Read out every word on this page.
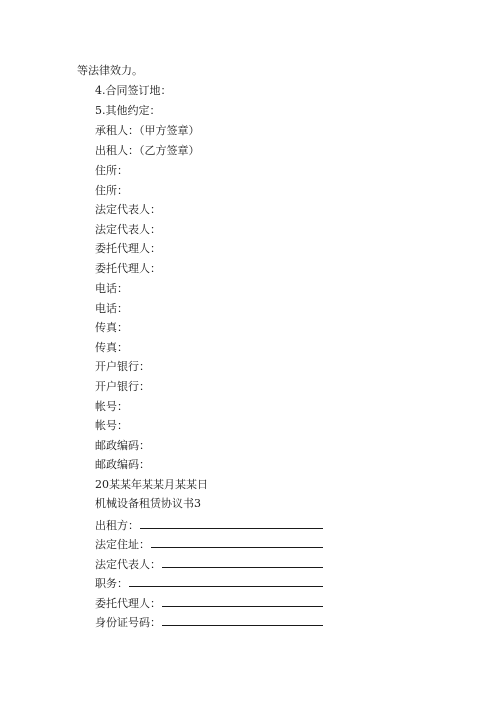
等法律效力。
4.合同签订地：
5.其他约定：
承租人：（甲方签章）
出租人：（乙方签章）
住所：
住所：
法定代表人：
法定代表人：
委托代理人：
委托代理人：
电话：
电话：
传真：
传真：
开户银行：
开户银行：
帐号：
帐号：
邮政编码：
邮政编码：
20某某年某某月某某日
机械设备租赁协议书3
出租方：
法定住址：
法定代表人：
职务：
委托代理人：
身份证号码：
